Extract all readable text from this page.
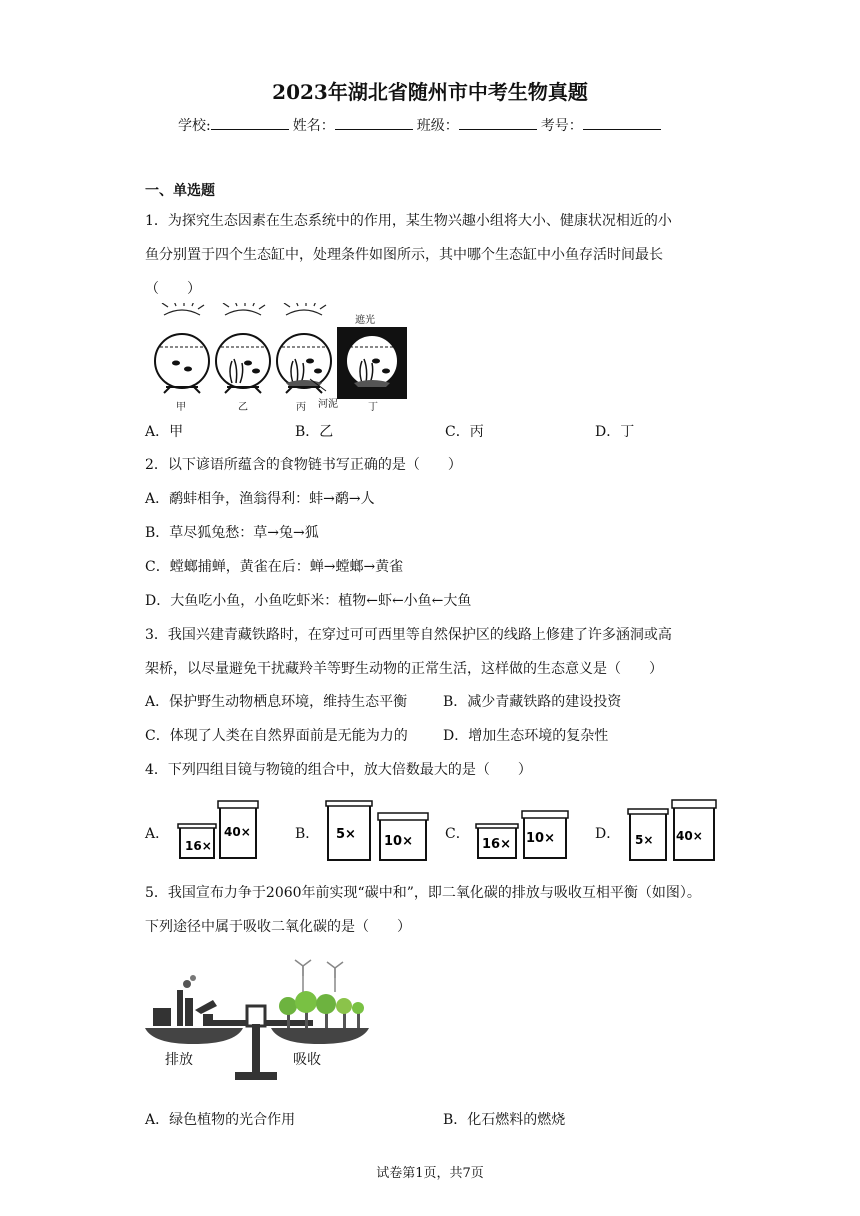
2023年湖北省随州市中考生物真题
学校:	姓名：	班级：	考号：
一、单选题
1．为探究生态因素在生态系统中的作用，某生物兴趣小组将大小、健康状况相近的小
鱼分别置于四个生态缸中，处理条件如图所示，其中哪个生态缸中小鱼存活时间最长
（　　）
甲	乙	丙 河泥	丁
遮光
A．甲	B．乙	C．丙	D．丁
2．以下谚语所蕴含的食物链书写正确的是（　　）
A．鹬蚌相争，渔翁得利：蚌→鹬→人
B．草尽狐兔愁：草→兔→狐
C．螳螂捕蝉，黄雀在后：蝉→螳螂→黄雀
D．大鱼吃小鱼，小鱼吃虾米：植物←虾←小鱼←大鱼
3．我国兴建青藏铁路时，在穿过可可西里等自然保护区的线路上修建了许多涵洞或高
架桥，以尽量避免干扰藏羚羊等野生动物的正常生活，这样做的生态意义是（　　）
A．保护野生动物栖息环境，维持生态平衡	B．减少青藏铁路的建设投资
C．体现了人类在自然界面前是无能为力的	D．增加生态环境的复杂性
4．下列四组目镜与物镜的组合中，放大倍数最大的是（　　）
A．
16×
40×	B． 5× 10× C．
16× 10×	D． 5× 40×
5．我国宣布力争于2060年前实现“碳中和”，即二氧化碳的排放与吸收互相平衡（如图）。
下列途径中属于吸收二氧化碳的是（　　）
排放	吸收
A．绿色植物的光合作用	B．化石燃料的燃烧
试卷第1页，共7页
